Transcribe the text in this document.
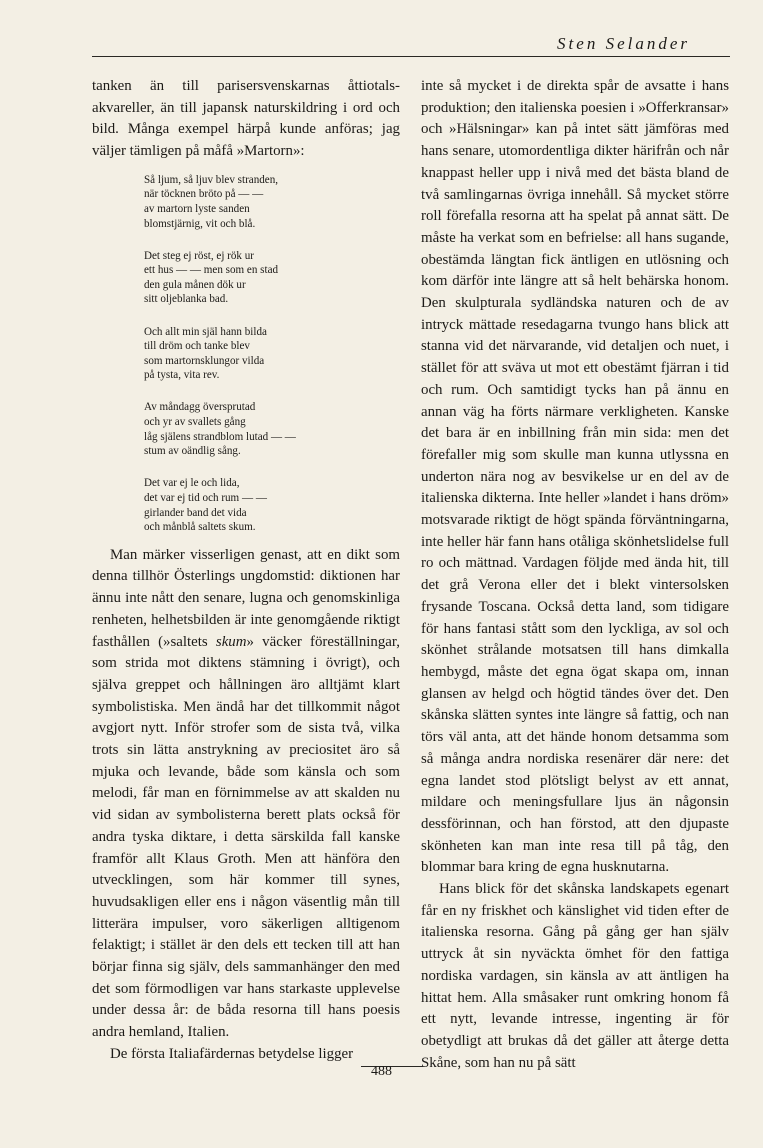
Sten Selander

tanken än till parisersvenskarnas åttiotals-akvareller, än till japansk naturskildring i ord och bild. Många exempel härpå kunde anföras; jag väljer tämligen på måfå »Martorn»:

Så ljum, så ljuv blev stranden,
när töcknen bröto på — —
av martorn lyste sanden
blomstjärnig, vit och blå.
Det steg ej röst, ej rök ur
ett hus — — men som en stad
den gula månen dök ur
sitt oljeblanka bad.
Och allt min själ hann bilda
till dröm och tanke blev
som martornsklungor vilda
på tysta, vita rev.
Av måndagg översprutad
och yr av svallets gång
låg själens strandblom lutad — —
stum av oändlig sång.
Det var ej le och lida,
det var ej tid och rum — —
girlander band det vida
och månblå saltets skum.

Man märker visserligen genast, att en dikt som denna tillhör Österlings ungdomstid: diktionen har ännu inte nått den senare, lugna och genomskinliga renheten, helhetsbilden är inte genomgående riktigt fasthållen (»saltets skum» väcker föreställningar, som strida mot diktens stämning i övrigt), och själva greppet och hållningen äro alltjämt klart symbolistiska. Men ändå har det tillkommit något avgjort nytt. Inför strofer som de sista två, vilka trots sin lätta anstrykning av preciositet äro så mjuka och levande, både som känsla och som melodi, får man en förnimmelse av att skalden nu vid sidan av symbolisterna berett plats också för andra tyska diktare, i detta särskilda fall kanske framför allt Klaus Groth. Men att hänföra den utvecklingen, som här kommer till synes, huvudsakligen eller ens i någon väsentlig mån till litterära impulser, voro säkerligen alltigenom felaktigt; i stället är den dels ett tecken till att han börjar finna sig själv, dels sammanhänger den med det som förmodligen var hans starkaste upplevelse under dessa år: de båda resorna till hans poesis andra hemland, Italien.

De första Italiafärdernas betydelse ligger

inte så mycket i de direkta spår de avsatte i hans produktion; den italienska poesien i »Offerkransar» och »Hälsningar» kan på intet sätt jämföras med hans senare, utomordentliga dikter härifrån och når knappast heller upp i nivå med det bästa bland de två samlingarnas övriga innehåll. Så mycket större roll förefalla resorna att ha spelat på annat sätt. De måste ha verkat som en befrielse: all hans sugande, obestämda längtan fick äntligen en utlösning och kom därför inte längre att så helt behärska honom. Den skulpturala sydländska naturen och de av intryck mättade resedagarna tvungo hans blick att stanna vid det närvarande, vid detaljen och nuet, i stället för att sväva ut mot ett obestämt fjärran i tid och rum. Och samtidigt tycks han på ännu en annan väg ha förts närmare verkligheten. Kanske det bara är en inbillning från min sida: men det förefaller mig som skulle man kunna utlyssna en underton nära nog av besvikelse ur en del av de italienska dikterna. Inte heller »landet i hans dröm» motsvarade riktigt de högt spända förväntningarna, inte heller här fann hans otåliga skönhetslidelse full ro och mättnad. Vardagen följde med ända hit, till det grå Verona eller det i blekt vintersolsken frysande Toscana. Också detta land, som tidigare för hans fantasi stått som den lyckliga, av sol och skönhet strålande motsatsen till hans dimkalla hembygd, måste det egna ögat skapa om, innan glansen av helgd och högtid tändes över det. Den skånska slätten syntes inte längre så fattig, och nan törs väl anta, att det hände honom detsamma som så många andra nordiska resenärer där nere: det egna landet stod plötsligt belyst av ett annat, mildare och meningsfullare ljus än någonsin dessförinnan, och han förstod, att den djupaste skönheten kan man inte resa till på tåg, den blommar bara kring de egna husknutarna.

Hans blick för det skånska landskapets egenart får en ny friskhet och känslighet vid tiden efter de italienska resorna. Gång på gång ger han själv uttryck åt sin nyväckta ömhet för den fattiga nordiska vardagen, sin känsla av att äntligen ha hittat hem. Alla småsaker runt omkring honom få ett nytt, levande intresse, ingenting är för obetydligt att brukas då det gäller att återge detta Skåne, som han nu på sätt

488
